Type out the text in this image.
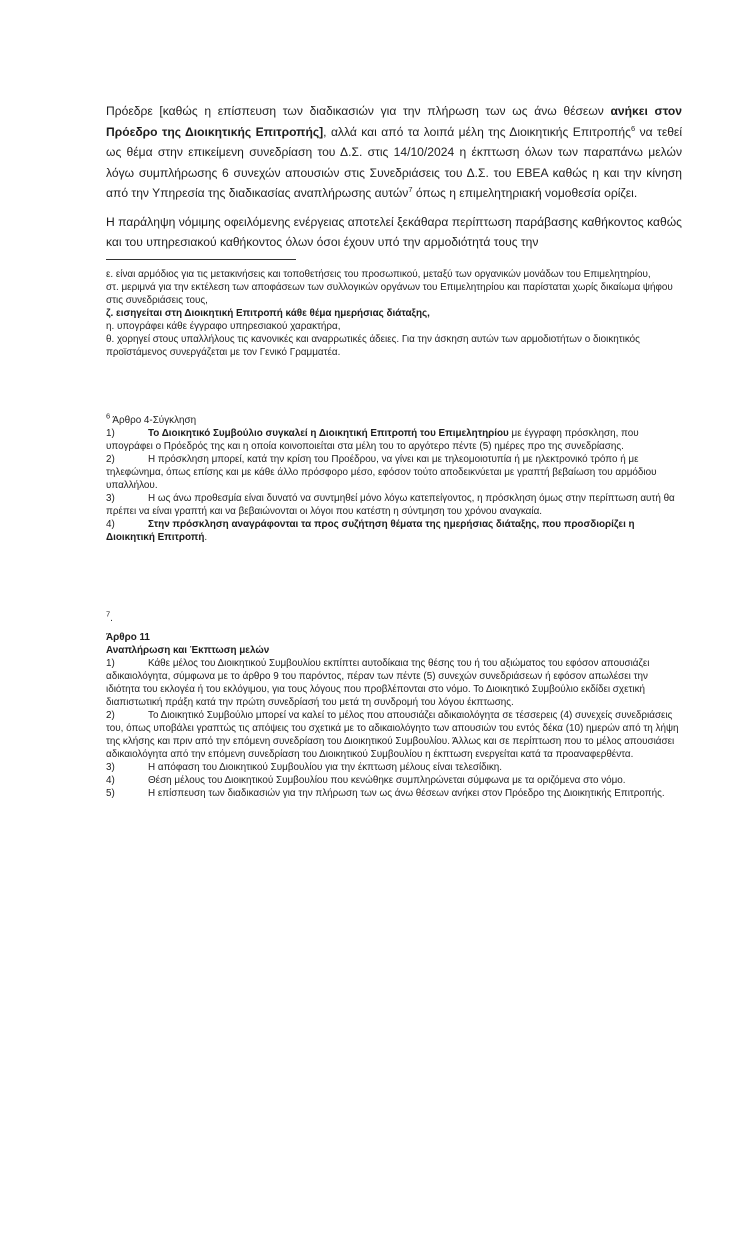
Πρόεδρε [καθώς η επίσπευση των διαδικασιών για την πλήρωση των ως άνω θέσεων ανήκει στον Πρόεδρο της Διοικητικής Επιτροπής], αλλά και από τα λοιπά μέλη της Διοικητικής Επιτροπής$^6$ να τεθεί ως θέμα στην επικείμενη συνεδρίαση του Δ.Σ. στις 14/10/2024 η έκπτωση όλων των παραπάνω μελών λόγω συμπλήρωσης 6 συνεχών απουσιών στις Συνεδριάσεις του Δ.Σ. του ΕΒΕΑ καθώς η και την κίνηση από την Υπηρεσία της διαδικασίας αναπλήρωσης αυτών$^7$ όπως η επιμελητηριακή νομοθεσία ορίζει.

Η παράληψη νόμιμης οφειλόμενης ενέργειας αποτελεί ξεκάθαρα περίπτωση παράβασης καθήκοντος καθώς και του υπηρεσιακού καθήκοντος όλων όσοι έχουν υπό την αρμοδιότητά τους την

ε. είναι αρμόδιος για τις μετακινήσεις και τοποθετήσεις του προσωπικού, μεταξύ των οργανικών μονάδων του Επιμελητηρίου,

στ. μεριμνά για την εκτέλεση των αποφάσεων των συλλογικών οργάνων του Επιμελητηρίου και παρίσταται χωρίς δικαίωμα ψήφου στις συνεδριάσεις τους,

ζ. εισηγείται στη Διοικητική Επιτροπή κάθε θέμα ημερήσιας διάταξης,

η. υπογράφει κάθε έγγραφο υπηρεσιακού χαρακτήρα,

θ. χορηγεί στους υπαλλήλους τις κανονικές και αναρρωτικές άδειες. Για την άσκηση αυτών των αρμοδιοτήτων ο διοικητικός προϊστάμενος συνεργάζεται με τον Γενικό Γραμματέα.

$^6$ Άρθρο 4-Σύγκληση

1)	Το Διοικητικό Συμβούλιο συγκαλεί η Διοικητική Επιτροπή του Επιμελητηρίου με έγγραφη πρόσκληση, που υπογράφει ο Πρόεδρός της και η οποία κοινοποιείται στα μέλη του το αργότερο πέντε (5) ημέρες προ της συνεδρίασης.

2)	Η πρόσκληση μπορεί, κατά την κρίση του Προέδρου, να γίνει και με τηλεομοιοτυπία ή με ηλεκτρονικό τρόπο ή με τηλεφώνημα, όπως επίσης και με κάθε άλλο πρόσφορο μέσο, εφόσον τούτο αποδεικνύεται με γραπτή βεβαίωση του αρμόδιου υπαλλήλου.

3)	Η ως άνω προθεσμία είναι δυνατό να συντμηθεί μόνο λόγω κατεπείγοντος, η πρόσκληση όμως στην περίπτωση αυτή θα πρέπει να είναι γραπτή και να βεβαιώνονται οι λόγοι που κατέστη η σύντμηση του χρόνου αναγκαία.

4)	Στην πρόσκληση αναγράφονται τα προς συζήτηση θέματα της ημερήσιας διάταξης, που προσδιορίζει η Διοικητική Επιτροπή.

$^7$.

Άρθρο 11

Αναπλήρωση και Έκπτωση μελών

1)	Κάθε μέλος του Διοικητικού Συμβουλίου εκπίπτει αυτοδίκαια της θέσης του ή του αξιώματος του εφόσον απουσιάζει αδικαιολόγητα, σύμφωνα με το άρθρο 9 του παρόντος, πέραν των πέντε (5) συνεχών συνεδριάσεων ή εφόσον απωλέσει την ιδιότητα του εκλογέα ή του εκλόγιμου, για τους λόγους που προβλέπονται στο νόμο. Το Διοικητικό Συμβούλιο εκδίδει σχετική διαπιστωτική πράξη κατά την πρώτη συνεδρίασή του μετά τη συνδρομή του λόγου έκπτωσης.

2)	Το Διοικητικό Συμβούλιο μπορεί να καλεί το μέλος που απουσιάζει αδικαιολόγητα σε τέσσερεις (4) συνεχείς συνεδριάσεις του, όπως υποβάλει γραπτώς τις απόψεις του σχετικά με το αδικαιολόγητο των απουσιών του εντός δέκα (10) ημερών από τη λήψη της κλήσης και πριν από την επόμενη συνεδρίαση του Διοικητικού Συμβουλίου. Άλλως και σε περίπτωση που το μέλος απουσιάσει αδικαιολόγητα από την επόμενη συνεδρίαση του Διοικητικού Συμβουλίου η έκπτωση ενεργείται κατά τα προαναφερθέντα.

3)	Η απόφαση του Διοικητικού Συμβουλίου για την έκπτωση μέλους είναι τελεσίδικη.

4)	Θέση μέλους του Διοικητικού Συμβουλίου που κενώθηκε συμπληρώνεται σύμφωνα με τα οριζόμενα στο νόμο.

5)	Η επίσπευση των διαδικασιών για την πλήρωση των ως άνω θέσεων ανήκει στον Πρόεδρο της Διοικητικής Επιτροπής.
